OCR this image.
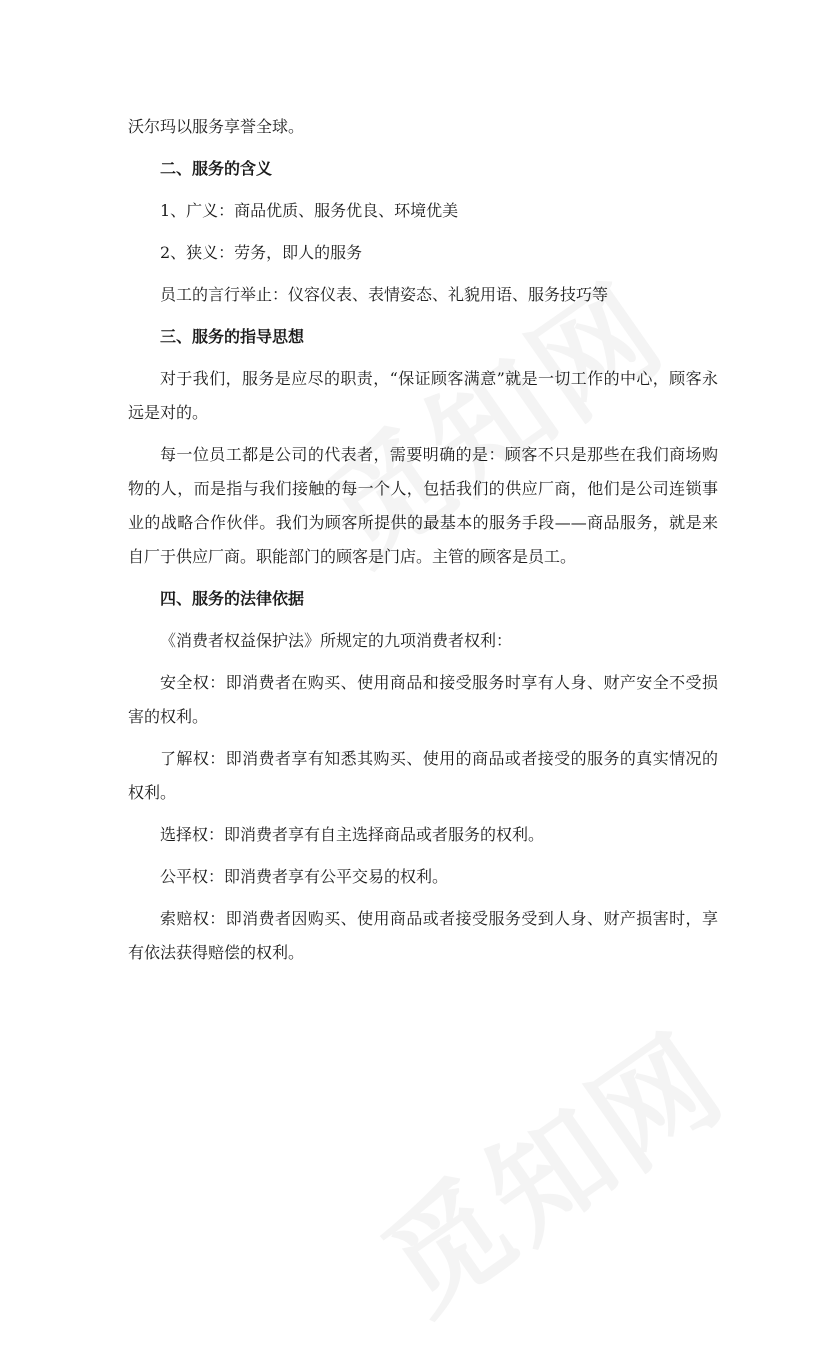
沃尔玛以服务享誉全球。

二、服务的含义

1、广义：商品优质、服务优良、环境优美

2、狭义：劳务，即人的服务

员工的言行举止：仪容仪表、表情姿态、礼貌用语、服务技巧等

三、服务的指导思想

对于我们，服务是应尽的职责，“保证顾客满意”就是一切工作的中心，顾客永远是对的。

每一位员工都是公司的代表者，需要明确的是：顾客不只是那些在我们商场购物的人，而是指与我们接触的每一个人，包括我们的供应厂商，他们是公司连锁事业的战略合作伙伴。我们为顾客所提供的最基本的服务手段——商品服务，就是来自厂于供应厂商。职能部门的顾客是门店。主管的顾客是员工。

四、服务的法律依据

《消费者权益保护法》所规定的九项消费者权利：

安全权：即消费者在购买、使用商品和接受服务时享有人身、财产安全不受损害的权利。

了解权：即消费者享有知悉其购买、使用的商品或者接受的服务的真实情况的权利。

选择权：即消费者享有自主选择商品或者服务的权利。

公平权：即消费者享有公平交易的权利。

索赔权：即消费者因购买、使用商品或者接受服务受到人身、财产损害时，享有依法获得赔偿的权利。
